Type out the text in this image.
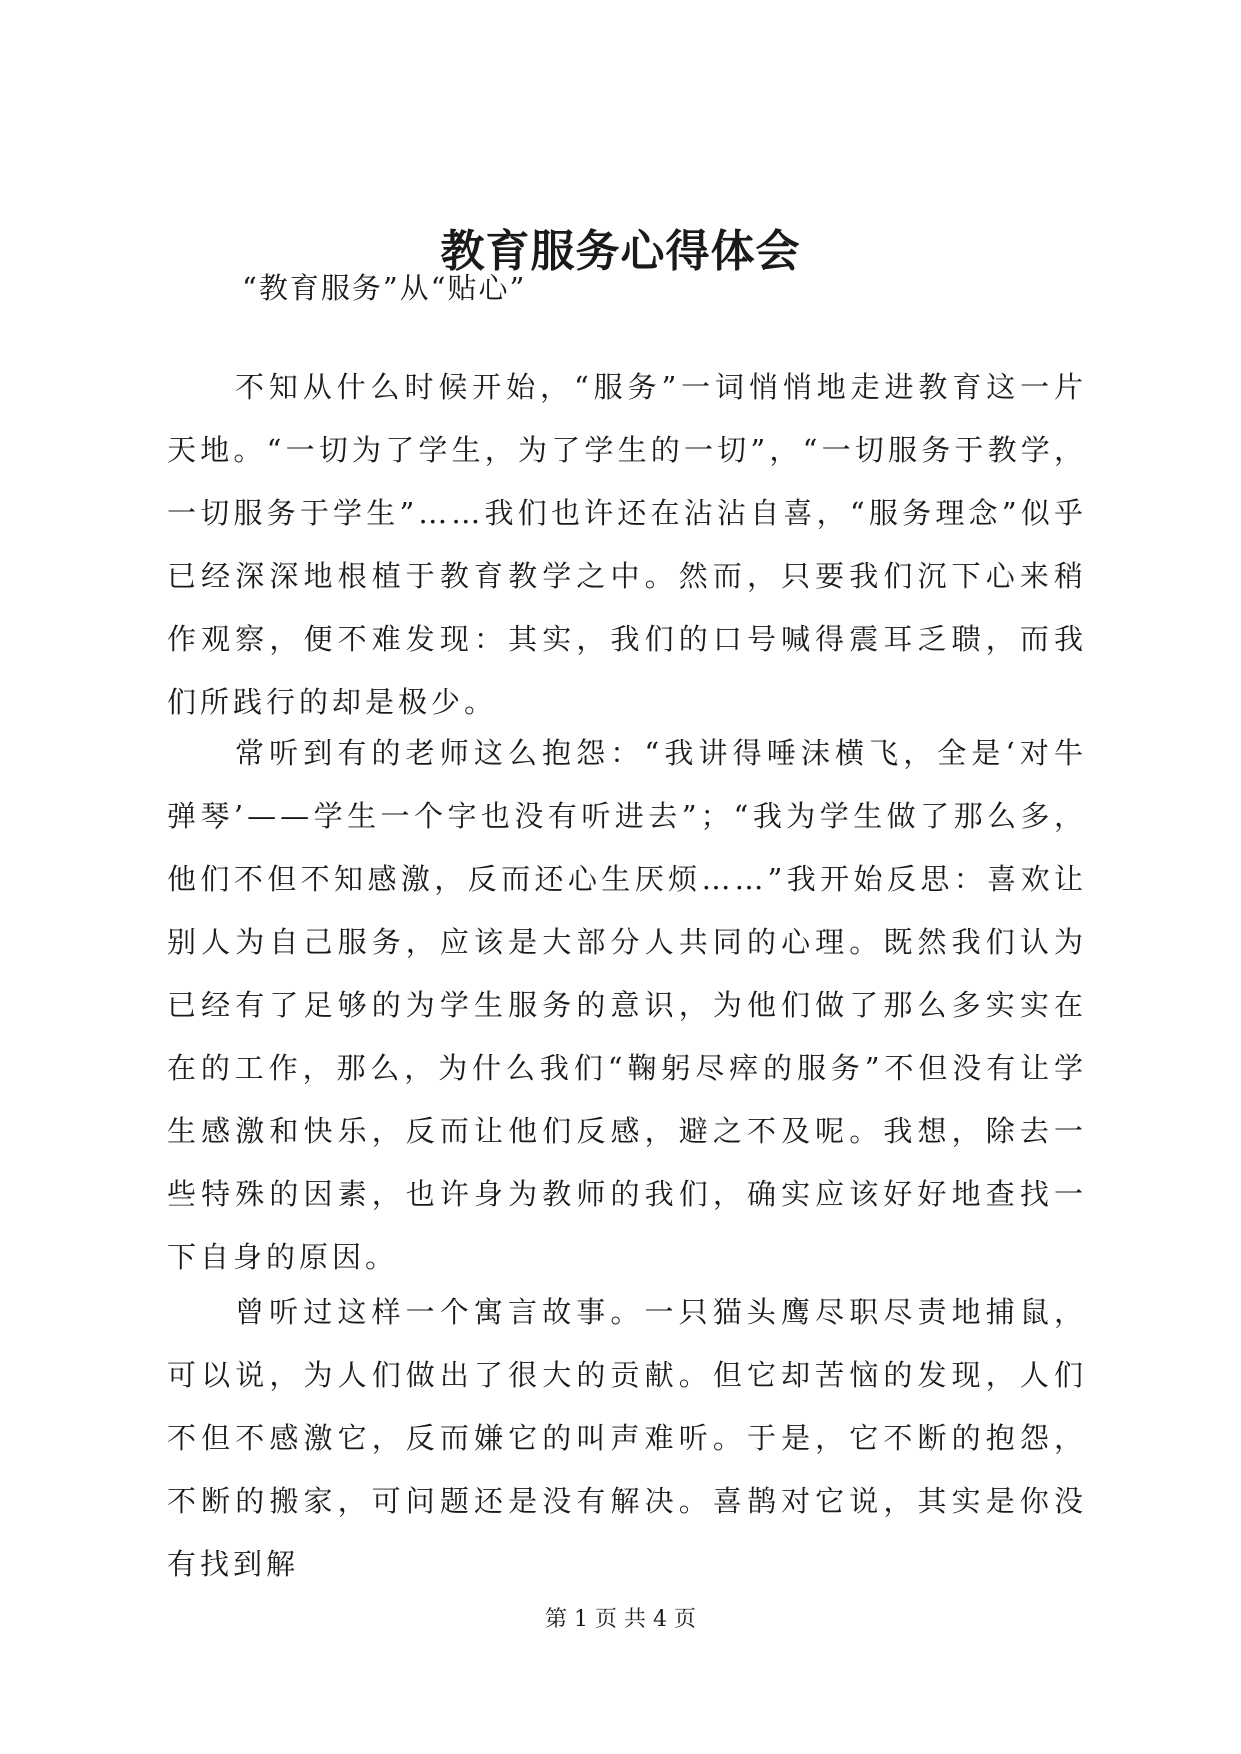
教育服务心得体会
“教育服务”从“贴心”

不知从什么时候开始，“服务”一词悄悄地走进教育这一片天地。“一切为了学生，为了学生的一切”，“一切服务于教学，一切服务于学生”……我们也许还在沾沾自喜，“服务理念”似乎已经深深地根植于教育教学之中。然而，只要我们沉下心来稍作观察，便不难发现：其实，我们的口号喊得震耳乏聩，而我们所践行的却是极少。

常听到有的老师这么抱怨：“我讲得唾沫横飞，全是‘对牛弹琴’——学生一个字也没有听进去”；“我为学生做了那么多，他们不但不知感激，反而还心生厌烦……”我开始反思：喜欢让别人为自己服务，应该是大部分人共同的心理。既然我们认为已经有了足够的为学生服务的意识，为他们做了那么多实实在在的工作，那么，为什么我们“鞠躬尽瘁的服务”不但没有让学生感激和快乐，反而让他们反感，避之不及呢。我想，除去一些特殊的因素，也许身为教师的我们，确实应该好好地查找一下自身的原因。

曾听过这样一个寓言故事。一只猫头鹰尽职尽责地捕鼠，可以说，为人们做出了很大的贡献。但它却苦恼的发现，人们不但不感激它，反而嫌它的叫声难听。于是，它不断的抱怨，不断的搬家，可问题还是没有解决。喜鹊对它说，其实是你没有找到解

第 1 页 共 4 页
